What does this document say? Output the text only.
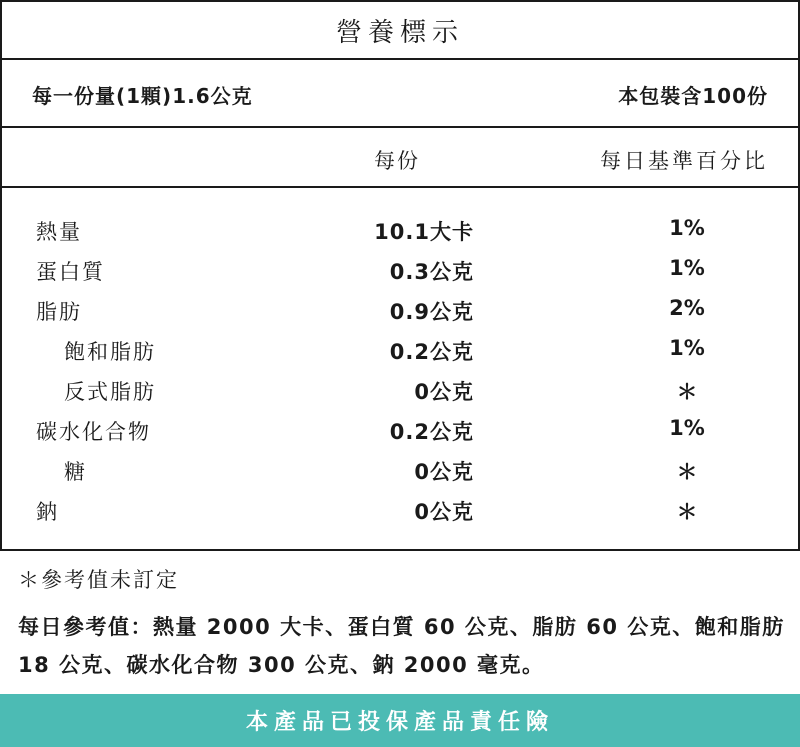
營養標示
每一份量(1顆)1.6公克	本包裝含100份
每份	每日基準百分比
熱量	10.1大卡	1%
蛋白質	0.3公克	1%
脂肪	0.9公克	2%
飽和脂肪	0.2公克	1%
反式脂肪	0公克	＊
碳水化合物	0.2公克	1%
糖	0公克	＊
鈉	0公克	＊
＊參考值未訂定
每日參考值：熱量 2000 大卡、蛋白質 60 公克、脂肪 60 公克、飽和脂肪 18 公克、碳水化合物 300 公克、鈉 2000 毫克。
本產品已投保產品責任險
